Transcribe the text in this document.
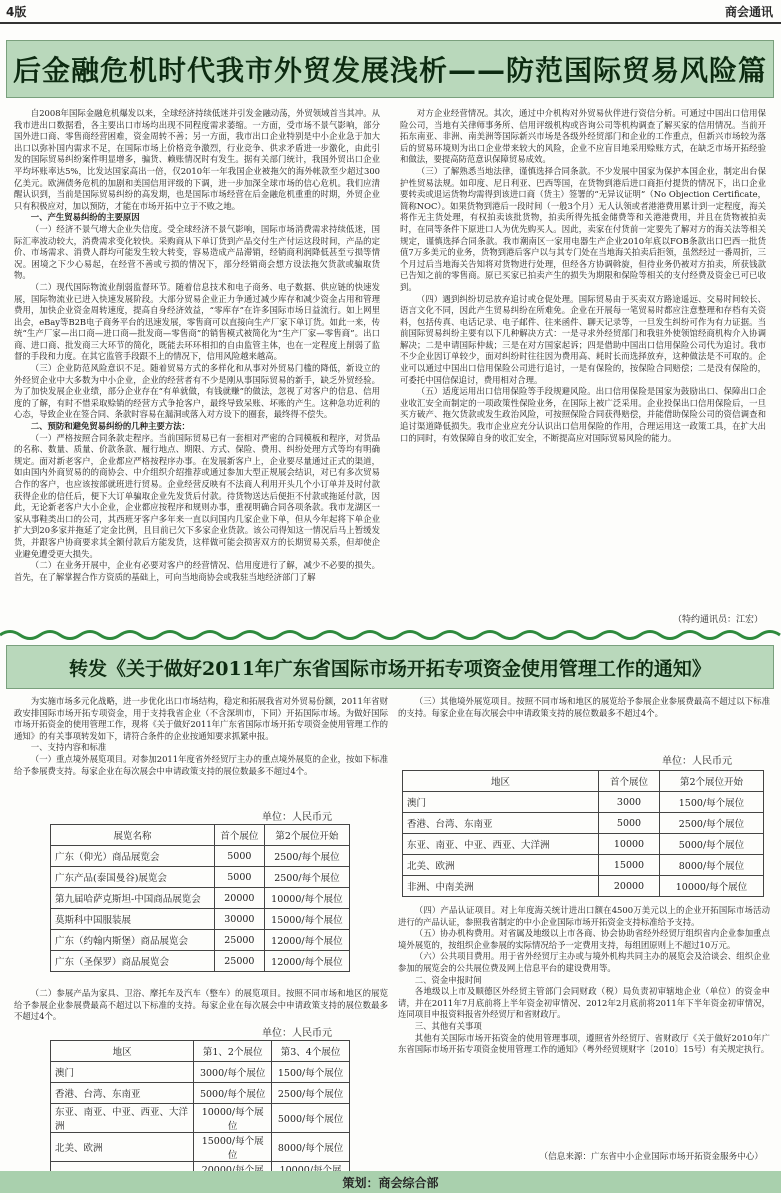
4版	商会通讯
后金融危机时代我市外贸发展浅析——防范国际贸易风险篇

自2008年国际金融危机爆发以来，全球经济持续低迷并引发金融动荡，外贸领域首当其冲。从我市进出口数据看，各主要出口市场均出现不同程度需求萎缩。一方面，受市场不景气影响，部分国外进口商、零售商经营困难，资金周转不善；另一方面，我市出口企业特别是中小企业急于加大出口以弥补国内需求不足，在国际市场上价格竞争激烈，行业竞争、供求矛盾进一步激化，由此引发的国际贸易纠纷案件明显增多，骗货、赖账情况时有发生。据有关部门统计，我国外贸出口企业平均坏账率达5%，比发达国家高出一倍，仅2010年一年我国企业被拖欠的海外帐款至少超过300亿美元。欧洲债务危机的加剧和美国信用评级的下调，进一步加深全球市场的信心危机。我们应清醒认识到，当前是国际贸易纠纷的高发期，也是国际市场经营在后金融危机重重的时期，外贸企业只有积极应对，加以预防，才能在市场开拓中立于不败之地。

一、产生贸易纠纷的主要原因

（一）经济不景气增大企业失信度。受全球经济不景气影响，国际市场消费需求持续低迷，国际汇率波动较大，消费需求变化较快。采购商从下单订货到产品交付生产付运这段时间，产品的定价、市场需求、消费人群均可能发生较大转变，容易造成产品滞销，经销商利润降低甚至亏损等情况。困境之下少心易起，在经营不善或亏损的情况下，部分经销商会想方设法拖欠货款或骗取货物。

（二）现代国际物流业削弱监督环节。随着信息技术和电子商务、电子数据、供应链的快速发展，国际物流业已进入快速发展阶段。大部分贸易企业正力争通过减少库存和减少资金占用和管理费用，加快企业资金周转速度，提高自身经济效益，“零库存”在许多国际市场日益流行。如上网里出会，eBay等B2B电子商务平台的迅速发展，零售商可以直接向生产厂家下单订货。如此一来，传统“生产厂家—出口商—进口商—批发商—零售商”的销售模式被简化为“生产厂家—零售商”。出口商、进口商、批发商三大环节的简化，既能去环环相扣的自由监管主体，也在一定程度上削弱了监督的手段和力度。在其它监管手段跟不上的情况下，信用风险越来越高。

（三）企业防范风险意识不足。随着贸易方式的多样化和从事对外贸易门槛的降低，新设立的外经贸企业中大多数为中小企业，企业的经营者有不少是刚从事国际贸易的新手，缺乏外贸经验。为了加快发展企业业绩，部分企业存在“有单就做，有钱就赚”的做法，忽视了对客户的信息、信用度的了解，有时不惜采取赊销的经营方式争抢客户，最终导致呆账、坏账的产生。这种急功近利的心态，导致企业在签合同、条款时容易在漏洞或落入对方设下的圈套，最终得不偿失。

二、预防和避免贸易纠纷的几种主要方法：

（一）严格按照合同条款走程序。当前国际贸易已有一套相对严密的合同模板和程序，对货品的名称、数量、质量、价款条款、履行地点、期限、方式、保险、费用、纠纷处理方式等均有明确规定。面对新老客户，企业都应严格按程序办事。在发展新客户上，企业要尽量通过正式的渠道，如由国内外商贸易的的商协会、中介组织介绍推荐或通过参加大型正规展会结识，对已有多次贸易合作的客户，也应该按部就班进行贸易。企业经营反映有不法商人利用开头几个小订单并及时付款获得企业的信任后，便下大订单骗取企业先发货后付款。待货物送达后便拒不付款或拖延付款，因此，无论新老客户大小企业，企业都应按程序和规则办事，重视明确合同各项条款。我市龙湖区一家从事鞋类出口的公司，其西班牙客户多年来一直以问国内几家企业下单，但从今年起将下单企业扩大到20多家并拖延了定金比例，且目前已欠下多家企业货款。该公司得知这一情况后马上暂缓发货，并跟客户协商要求其全额付款后方能发货，这样做可能会损害双方的长期贸易关系，但却使企业避免遭受更大损失。

（二）在业务开展中，企业有必要对客户的经营情况、信用度进行了解，减少不必要的损失。首先，在了解掌握合作方资质的基础上，可向当地商协会或我驻当地经济部门了解

对方企业经营情况。其次，通过中介机构对外贸易伙伴进行资信分析。可通过中国出口信用保险公司，当地有关律师事务所、信用评级机构或咨询公司等机构调查了解买家的信用情况。当前开拓东南亚、非洲、南美洲等国际新兴市场是各级外经贸部门和企业的工作重点，但新兴市场较为落后的贸易环境则为出口企业带来较大的风险，企业不应盲目地采用赊账方式，在缺乏市场开拓经验和做法，要提高防范意识保障贸易成效。

（三）了解熟悉当地法律，谨慎选择合同条款。不少发展中国家为保护本国企业，制定出台保护性贸易法规。如印度、尼日利亚、巴西等国，在货物到港后进口商拒付提货的情况下，出口企业要转卖或退运货物均需得到该进口商（货主）签署的“无异议证明”（No Objection Certificate，简称NOC）。如果货物到港后一段时间（一般3个月）无人认领或者港港费用累计到一定程度，海关将作无主货处理，有权拍卖该批货物，拍卖所得先抵金储费等和关港港费用，并且在货物被拍卖时，在同等条件下原进口人为优先购买人。因此，卖家在付货前一定要先了解对方的海关法等相关规定，谨慎选择合同条款。我市潮南区一家用电器生产企业2010年底以FOB条款出口巴西一批货值7万多美元的业务，货物到港后客户以与其专门处在当地海关拍卖后拒领，虽然经过一番周折，三个月过后当地海关告知将对货物进行处理，但经各方协调斡旋，但待业务仍被对方拍卖，所获钱款已告知之前的零售商。原已买家已拍卖产生的损失为期限和保险等相关的支付经费及资金已可已收到。

（四）遇到纠纷切忌放弃追讨或仓促处理。国际贸易由于买卖双方路途遥远、交易时间较长、语言文化不同，因此产生贸易纠纷在所难免。企业在开展每一笔贸易时都应注意整理和存档有关资料，包括传真、电话记录、电子邮件、往来函件、聊天记录等，一旦发生纠纷可作为有力证据。当前国际贸易纠纷主要有以下几种解决方式：一是寻求外经贸部门和我驻外使领馆经商机构介入协调解决；二是申请国际仲裁；三是在对方国家起诉；四是借助中国出口信用保险公司代为追讨。我市不少企业因订单较少，面对纠纷时往往因为费用高、耗时长而选择放弃，这种做法是不可取的。企业可以通过中国出口信用保险公司进行追讨，一是有保险的，按保险合同赔偿；二是没有保险的，可委托中国信保追讨，费用相对合理。

（五）适度运用出口信用保险等手段规避风险。出口信用保险是国家为鼓励出口、保障出口企业收汇安全而制定的一项政策性保险业务，在国际上被广泛采用。企业投保出口信用保险后，一旦买方破产、拖欠货款或发生政治风险，可按照保险合同获得赔偿，并能借助保险公司的资信调查和追讨渠道降低损失。我市企业应充分认识出口信用保险的作用，合理运用这一政策工具，在扩大出口的同时，有效保障自身的收汇安全，不断提高应对国际贸易风险的能力。

（特约通讯员：江宏）
转发《关于做好2011年广东省国际市场开拓专项资金使用管理工作的通知》

为实施市场多元化战略，进一步优化出口市场结构，稳定和拓展我省对外贸易份额，2011年省财政安排国际市场开拓专项资金，用于支持我省企业（不含深圳市，下同）开拓国际市场。为做好国际市场开拓资金的使用管理工作，现将《关于做好2011年广东省国际市场开拓专项资金使用管理工作的通知》的有关事项转发如下，请符合条件的企业按通知要求抓紧申报。

一、支持内容和标准

（一）重点境外展览项目。对参加2011年度省外经贸厅主办的重点境外展览的企业，按如下标准给予参展费支持。每家企业在每次展会中申请政策支持的展位数最多不超过4个。

单位：人民币元
展览名称	首个展位	第2个展位开始
广东（仰光）商品展览会	5000	2500/每个展位
广东产品(泰国曼谷)展览会	5000	2500/每个展位
第九届哈萨克斯坦-中国商品展览会	20000	10000/每个展位
莫斯科中国服装展	30000	15000/每个展位
广东（约翰内斯堡）商品展览会	25000	12000/每个展位
广东（圣保罗）商品展览会	25000	12000/每个展位
（二）参展产品为家具、卫浴、摩托车及汽车（整车）的展览项目。按照不同市场和地区的展览给予参展企业参展费最高不超过以下标准的支持。每家企业在每次展会中申请政策支持的展位数最多不超过4个。
单位：人民币元
地区	第1、2个展位	第3、4个展位
澳门	3000/每个展位	1500/每个展位
香港、台湾、东南亚	5000/每个展位	2500/每个展位
东亚、南亚、中亚、西亚、大洋洲	10000/每个展位	5000/每个展位
北美、欧洲	15000/每个展位	8000/每个展位

（三）其他境外展览项目。按照不同市场和地区的展览给予参展企业参展费最高不超过以下标准的支持。每家企业在每次展会中申请政策支持的展位数最多不超过4个。

单位：人民币元
地区	首个展位	第2个展位开始
澳门	3000	1500/每个展位
香港、台湾、东南亚	5000	2500/每个展位
东亚、南亚、中亚、西亚、大洋洲	10000	5000/每个展位
北美、欧洲	15000	8000/每个展位
非洲、中南美洲	20000	10000/每个展位

（四）产品认证项目。对上年度海关统计进出口额在4500万美元以上的企业开拓国际市场活动进行的产品认证，参照我省制定的中小企业国际市场开拓资金支持标准给予支持。

（五）协办机构费用。对省属及地级以上市各商、协会协助省经外经贸厅组织省内企业参加重点境外展览的，按组织企业参展的实际情况给予一定费用支持，每组团原则上不超过10万元。

（六）公共项目费用。用于省外经贸厅主办或与境外机构共同主办的展览会及洽谈会、组织企业参加的展览会的公共展位费及网上信息平台的建设费用等。

二、资金申报时间

各地级以上市及顺德区外经贸主管部门会同财政（税）局负责初审辖地企业（单位）的资金申请，并在2011年7月底前将上半年资金初审情况、2012年2月底前将2011年下半年资金初审情况，连同项目申报资料报省外经贸厅和省财政厅。

三、其他有关事项

其他有关国际市场开拓资金的使用管理事项，遵照省外经贸厅、省财政厅《关于做好2010年广东省国际市场开拓专项资金使用管理工作的通知》（粤外经贸规财字〔2010〕15号）有关规定执行。

（信息来源：广东省中小企业国际市场开拓资金服务中心）
策划：商会综合部
